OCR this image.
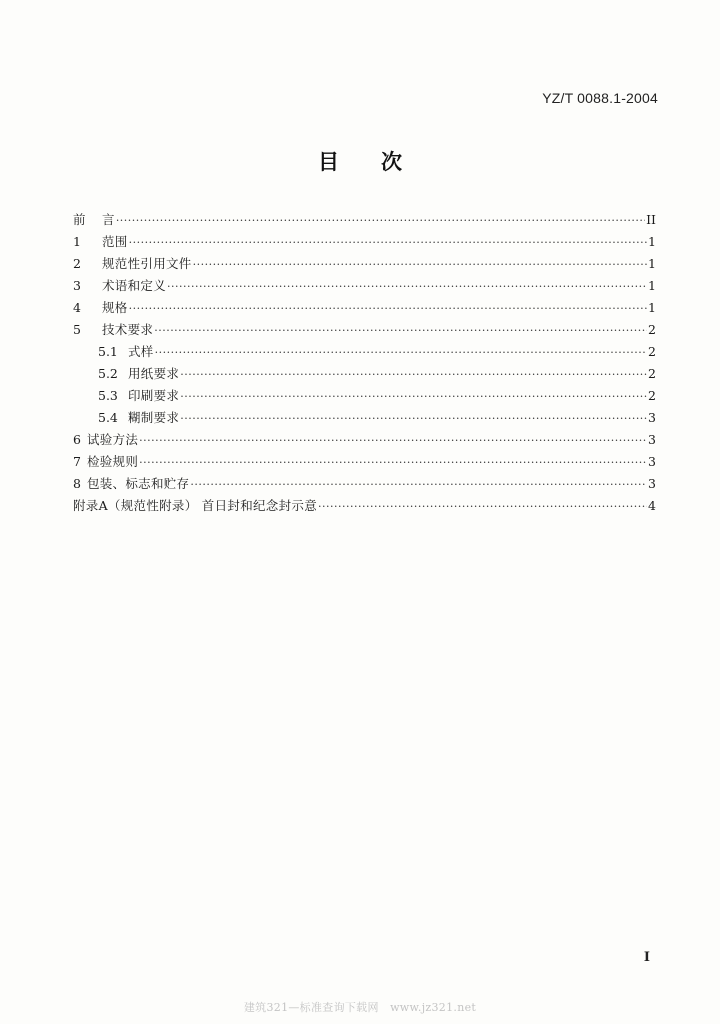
YZ/T 0088.1-2004
目　　次
前	言 ·····	II
1	范围 ·····	1
2	规范性引用文件 ·····	1
3	术语和定义 ·····	1
4	规格 ·····	1
5	技术要求 ·····	2
5.1 式样 ·····	2
5.2 用纸要求 ·····	2
5.3 印刷要求 ·····	2
5.4 糊制要求 ·····	3
6 试验方法 ·····	3
7 检验规则 ·····	3
8 包装、标志和贮存 ·····	3
附录A（规范性附录） 首日封和纪念封示意 ·····	4
I
建筑321—标准查询下载网　www.jz321.net
